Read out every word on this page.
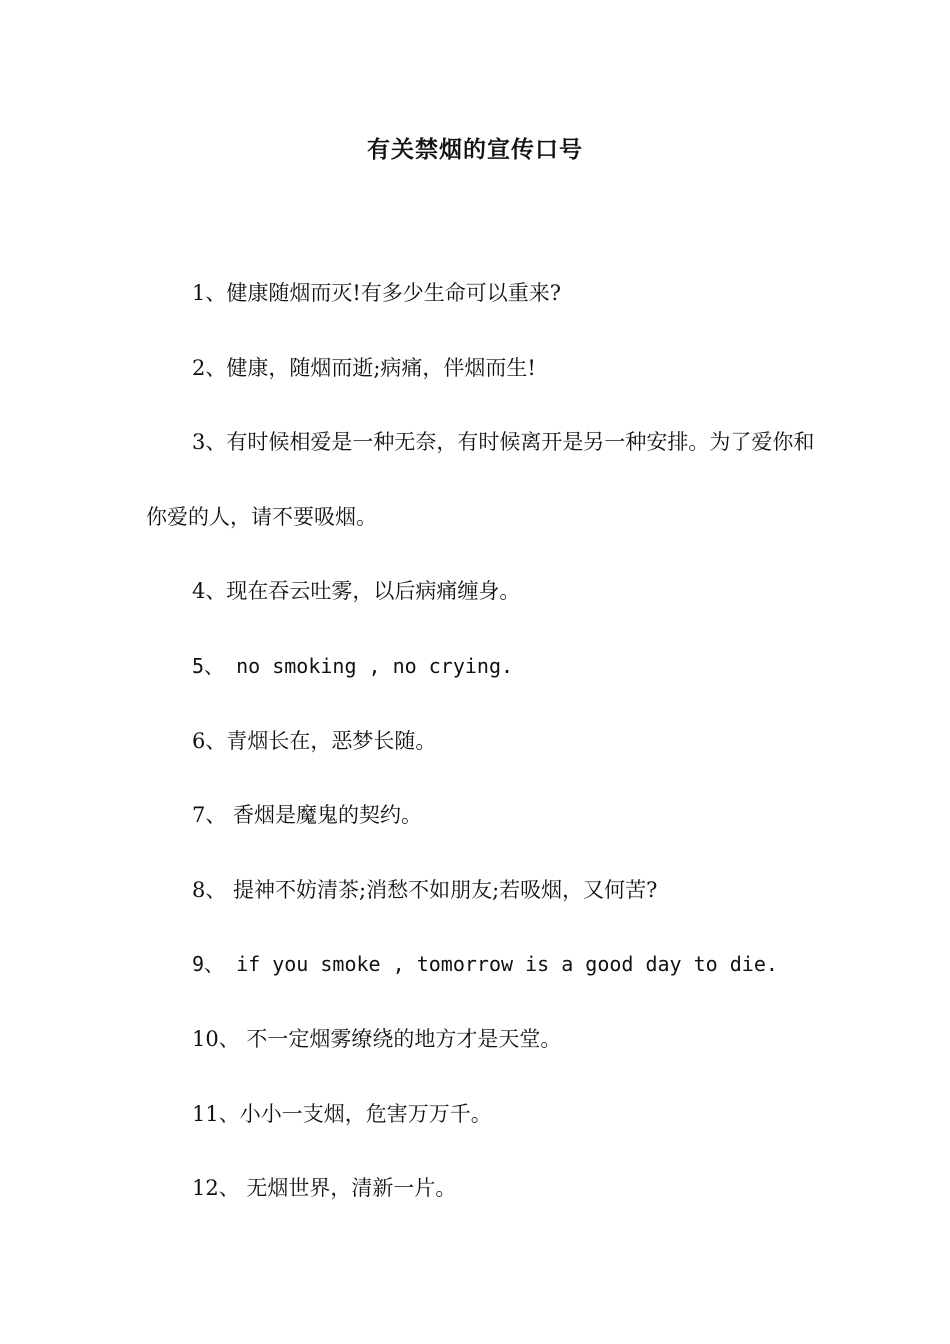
有关禁烟的宣传口号

1、健康随烟而灭!有多少生命可以重来?

2、健康，随烟而逝;病痛，伴烟而生!

3、有时候相爱是一种无奈，有时候离开是另一种安排。为了爱你和你爱的人，请不要吸烟。

4、现在吞云吐雾，以后病痛缠身。

5、 no smoking , no crying.

6、青烟长在，恶梦长随。

7、 香烟是魔鬼的契约。

8、 提神不妨清茶;消愁不如朋友;若吸烟，又何苦?

9、 if you smoke , tomorrow is a good day to die.

10、 不一定烟雾缭绕的地方才是天堂。

11、小小一支烟，危害万万千。

12、 无烟世界，清新一片。
